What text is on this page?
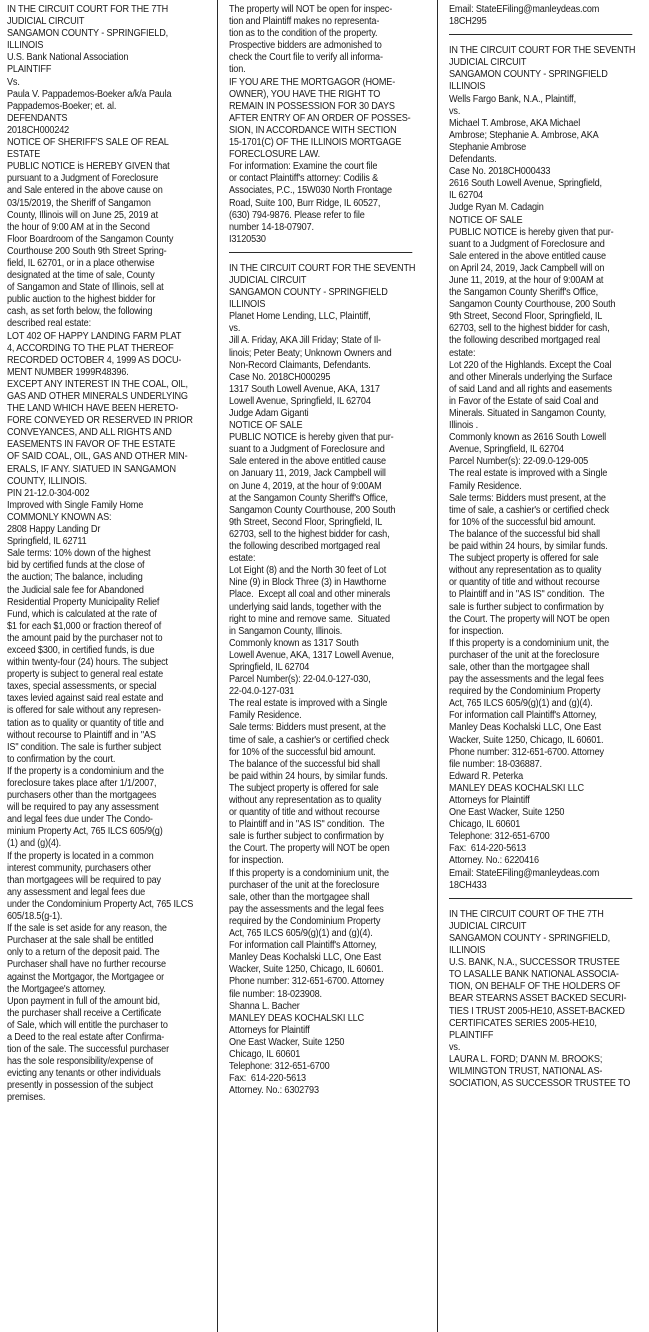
IN THE CIRCUIT COURT FOR THE 7TH
JUDICIAL CIRCUIT
SANGAMON COUNTY - SPRINGFIELD,
ILLINOIS
U.S. Bank National Association
PLAINTIFF
Vs.
Paula V. Pappademos-Boeker a/k/a Paula
Pappademos-Boeker; et. al.
DEFENDANTS
2018CH000242
NOTICE OF SHERIFF'S SALE OF REAL
ESTATE
PUBLIC NOTICE is HEREBY GIVEN that
pursuant to a Judgment of Foreclosure
and Sale entered in the above cause on
03/15/2019, the Sheriff of Sangamon
County, Illinois will on June 25, 2019 at
the hour of 9:00 AM at in the Second
Floor Boardroom of the Sangamon County
Courthouse 200 South 9th Street Spring-
field, IL 62701, or in a place otherwise
designated at the time of sale, County
of Sangamon and State of Illinois, sell at
public auction to the highest bidder for
cash, as set forth below, the following
described real estate:
LOT 402 OF HAPPY LANDING FARM PLAT
4, ACCORDING TO THE PLAT THEREOF
RECORDED OCTOBER 4, 1999 AS DOCU-
MENT NUMBER 1999R48396.
EXCEPT ANY INTEREST IN THE COAL, OIL,
GAS AND OTHER MINERALS UNDERLYING
THE LAND WHICH HAVE BEEN HERETO-
FORE CONVEYED OR RESERVED IN PRIOR
CONVEYANCES, AND ALL RIGHTS AND
EASEMENTS IN FAVOR OF THE ESTATE
OF SAID COAL, OIL, GAS AND OTHER MIN-
ERALS, IF ANY. SIATUED IN SANGAMON
COUNTY, ILLINOIS.
PIN 21-12.0-304-002
Improved with Single Family Home
COMMONLY KNOWN AS:
2808 Happy Landing Dr
Springfield, IL 62711
Sale terms: 10% down of the highest
bid by certified funds at the close of
the auction; The balance, including
the Judicial sale fee for Abandoned
Residential Property Municipality Relief
Fund, which is calculated at the rate of
$1 for each $1,000 or fraction thereof of
the amount paid by the purchaser not to
exceed $300, in certified funds, is due
within twenty-four (24) hours. The subject
property is subject to general real estate
taxes, special assessments, or special
taxes levied against said real estate and
is offered for sale without any represen-
tation as to quality or quantity of title and
without recourse to Plaintiff and in "AS
IS" condition. The sale is further subject
to confirmation by the court.
If the property is a condominium and the
foreclosure takes place after 1/1/2007,
purchasers other than the mortgagees
will be required to pay any assessment
and legal fees due under The Condo-
minium Property Act, 765 ILCS 605/9(g)
(1) and (g)(4).
If the property is located in a common
interest community, purchasers other
than mortgagees will be required to pay
any assessment and legal fees due
under the Condominium Property Act, 765 ILCS
605/18.5(g-1).
If the sale is set aside for any reason, the
Purchaser at the sale shall be entitled
only to a return of the deposit paid. The
Purchaser shall have no further recourse
against the Mortgagor, the Mortgagee or
the Mortgagee's attorney.
Upon payment in full of the amount bid,
the purchaser shall receive a Certificate
of Sale, which will entitle the purchaser to
a Deed to the real estate after Confirma-
tion of the sale. The successful purchaser
has the sole responsibility/expense of
evicting any tenants or other individuals
presently in possession of the subject
premises.
The property will NOT be open for inspec-
tion and Plaintiff makes no representa-
tion as to the condition of the property.
Prospective bidders are admonished to
check the Court file to verify all informa-
tion.
IF YOU ARE THE MORTGAGOR (HOME-
OWNER), YOU HAVE THE RIGHT TO
REMAIN IN POSSESSION FOR 30 DAYS
AFTER ENTRY OF AN ORDER OF POSSES-
SION, IN ACCORDANCE WITH SECTION
15-1701(C) OF THE ILLINOIS MORTGAGE
FORECLOSURE LAW.
For information: Examine the court file
or contact Plaintiff's attorney: Codilis &
Associates, P.C., 15W030 North Frontage
Road, Suite 100, Burr Ridge, IL 60527,
(630) 794-9876. Please refer to file
number 14-18-07907.
I3120530
IN THE CIRCUIT COURT FOR THE SEVENTH
JUDICIAL CIRCUIT
SANGAMON COUNTY - SPRINGFIELD
ILLINOIS
Planet Home Lending, LLC, Plaintiff,
vs.
Jill A. Friday, AKA Jill Friday; State of Il-
linois; Peter Beaty; Unknown Owners and
Non-Record Claimants, Defendants.
Case No. 2018CH000295
1317 South Lowell Avenue, AKA, 1317
Lowell Avenue, Springfield, IL 62704
Judge Adam Giganti
NOTICE OF SALE
PUBLIC NOTICE is hereby given that pur-
suant to a Judgment of Foreclosure and
Sale entered in the above entitled cause
on January 11, 2019, Jack Campbell will
on June 4, 2019, at the hour of 9:00AM
at the Sangamon County Sheriff's Office,
Sangamon County Courthouse, 200 South
9th Street, Second Floor, Springfield, IL
62703, sell to the highest bidder for cash,
the following described mortgaged real
estate:
Lot Eight (8) and the North 30 feet of Lot
Nine (9) in Block Three (3) in Hawthorne
Place.  Except all coal and other minerals
underlying said lands, together with the
right to mine and remove same.  Situated
in Sangamon County, Illinois.
Commonly known as 1317 South
Lowell Avenue, AKA, 1317 Lowell Avenue,
Springfield, IL 62704
Parcel Number(s): 22-04.0-127-030,
22-04.0-127-031
The real estate is improved with a Single
Family Residence.
Sale terms: Bidders must present, at the
time of sale, a cashier's or certified check
for 10% of the successful bid amount.
The balance of the successful bid shall
be paid within 24 hours, by similar funds.
The subject property is offered for sale
without any representation as to quality
or quantity of title and without recourse
to Plaintiff and in "AS IS" condition.  The
sale is further subject to confirmation by
the Court. The property will NOT be open
for inspection.
If this property is a condominium unit, the
purchaser of the unit at the foreclosure
sale, other than the mortgagee shall
pay the assessments and the legal fees
required by the Condominium Property
Act, 765 ILCS 605/9(g)(1) and (g)(4).
For information call Plaintiff's Attorney,
Manley Deas Kochalski LLC, One East
Wacker, Suite 1250, Chicago, IL 60601.
Phone number: 312-651-6700. Attorney
file number: 18-023908.
Shanna L. Bacher
MANLEY DEAS KOCHALSKI LLC
Attorneys for Plaintiff
One East Wacker, Suite 1250
Chicago, IL 60601
Telephone: 312-651-6700
Fax:  614-220-5613
Attorney. No.: 6302793
Email: StateEFiling@manleydeas.com
18CH295
IN THE CIRCUIT COURT FOR THE SEVENTH
JUDICIAL CIRCUIT
SANGAMON COUNTY - SPRINGFIELD
ILLINOIS
Wells Fargo Bank, N.A., Plaintiff,
vs.
Michael T. Ambrose, AKA Michael
Ambrose; Stephanie A. Ambrose, AKA
Stephanie Ambrose
Defendants.
Case No. 2018CH000433
2616 South Lowell Avenue, Springfield,
IL 62704
Judge Ryan M. Cadagin
NOTICE OF SALE
PUBLIC NOTICE is hereby given that pur-
suant to a Judgment of Foreclosure and
Sale entered in the above entitled cause
on April 24, 2019, Jack Campbell will on
June 11, 2019, at the hour of 9:00AM at
the Sangamon County Sheriff's Office,
Sangamon County Courthouse, 200 South
9th Street, Second Floor, Springfield, IL
62703, sell to the highest bidder for cash,
the following described mortgaged real
estate:
Lot 220 of the Highlands. Except the Coal
and other Minerals underlying the Surface
of said Land and all rights and easements
in Favor of the Estate of said Coal and
Minerals. Situated in Sangamon County,
Illinois .
Commonly known as 2616 South Lowell
Avenue, Springfield, IL 62704
Parcel Number(s): 22-09.0-129-005
The real estate is improved with a Single
Family Residence.
Sale terms: Bidders must present, at the
time of sale, a cashier's or certified check
for 10% of the successful bid amount.
The balance of the successful bid shall
be paid within 24 hours, by similar funds.
The subject property is offered for sale
without any representation as to quality
or quantity of title and without recourse
to Plaintiff and in "AS IS" condition.  The
sale is further subject to confirmation by
the Court. The property will NOT be open
for inspection.
If this property is a condominium unit, the
purchaser of the unit at the foreclosure
sale, other than the mortgagee shall
pay the assessments and the legal fees
required by the Condominium Property
Act, 765 ILCS 605/9(g)(1) and (g)(4).
For information call Plaintiff's Attorney,
Manley Deas Kochalski LLC, One East
Wacker, Suite 1250, Chicago, IL 60601.
Phone number: 312-651-6700. Attorney
file number: 18-036887.
Edward R. Peterka
MANLEY DEAS KOCHALSKI LLC
Attorneys for Plaintiff
One East Wacker, Suite 1250
Chicago, IL 60601
Telephone: 312-651-6700
Fax:  614-220-5613
Attorney. No.: 6220416
Email: StateEFiling@manleydeas.com
18CH433
IN THE CIRCUIT COURT OF THE 7TH
JUDICIAL CIRCUIT
SANGAMON COUNTY - SPRINGFIELD,
ILLINOIS
U.S. BANK, N.A., SUCCESSOR TRUSTEE
TO LASALLE BANK NATIONAL ASSOCIA-
TION, ON BEHALF OF THE HOLDERS OF
BEAR STEARNS ASSET BACKED SECURI-
TIES I TRUST 2005-HE10, ASSET-BACKED
CERTIFICATES SERIES 2005-HE10,
PLAINTIFF
vs.
LAURA L. FORD; D'ANN M. BROOKS;
WILMINGTON TRUST, NATIONAL AS-
SOCIATION, AS SUCCESSOR TRUSTEE TO
